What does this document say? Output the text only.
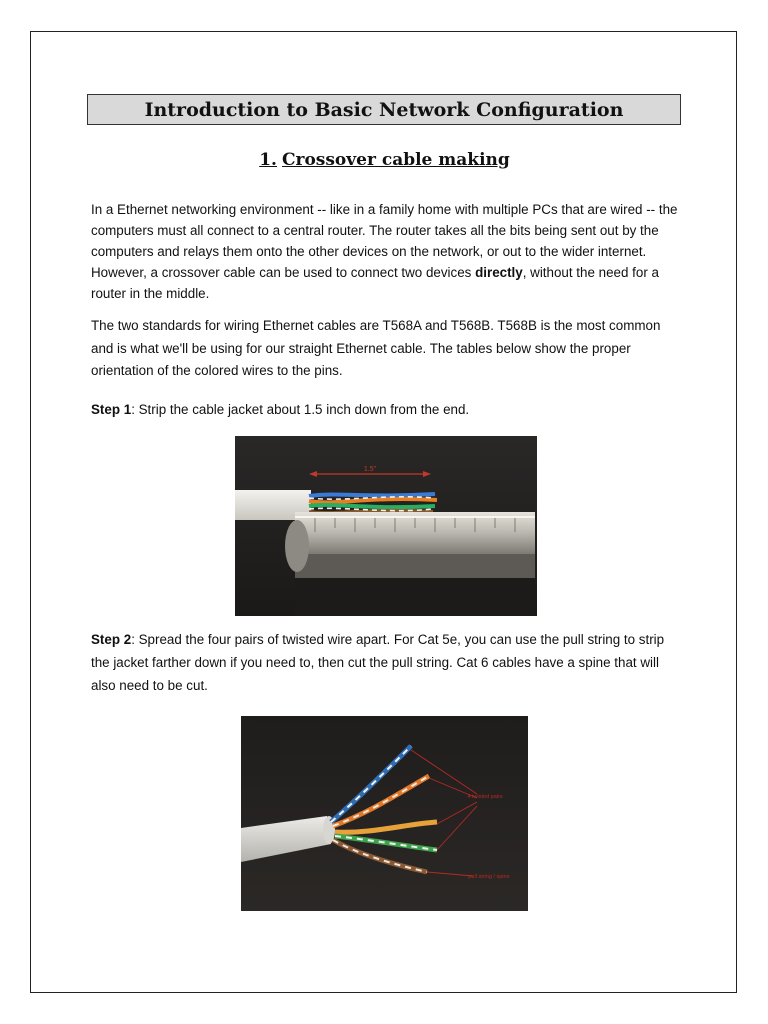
Introduction to Basic Network Configuration
1. Crossover cable making

In a Ethernet networking environment -- like in a family home with multiple PCs that are wired -- the computers must all connect to a central router. The router takes all the bits being sent out by the computers and relays them onto the other devices on the network, or out to the wider internet. However, a crossover cable can be used to connect two devices directly, without the need for a router in the middle.

The two standards for wiring Ethernet cables are T568A and T568B. T568B is the most common and is what we'll be using for our straight Ethernet cable. The tables below show the proper orientation of the colored wires to the pins.

Step 1: Strip the cable jacket about 1.5 inch down from the end.

1.5"

Step 2: Spread the four pairs of twisted wire apart. For Cat 5e, you can use the pull string to strip the jacket farther down if you need to, then cut the pull string. Cat 6 cables have a spine that will also need to be cut.

4 twisted pairs
pull string / spine
